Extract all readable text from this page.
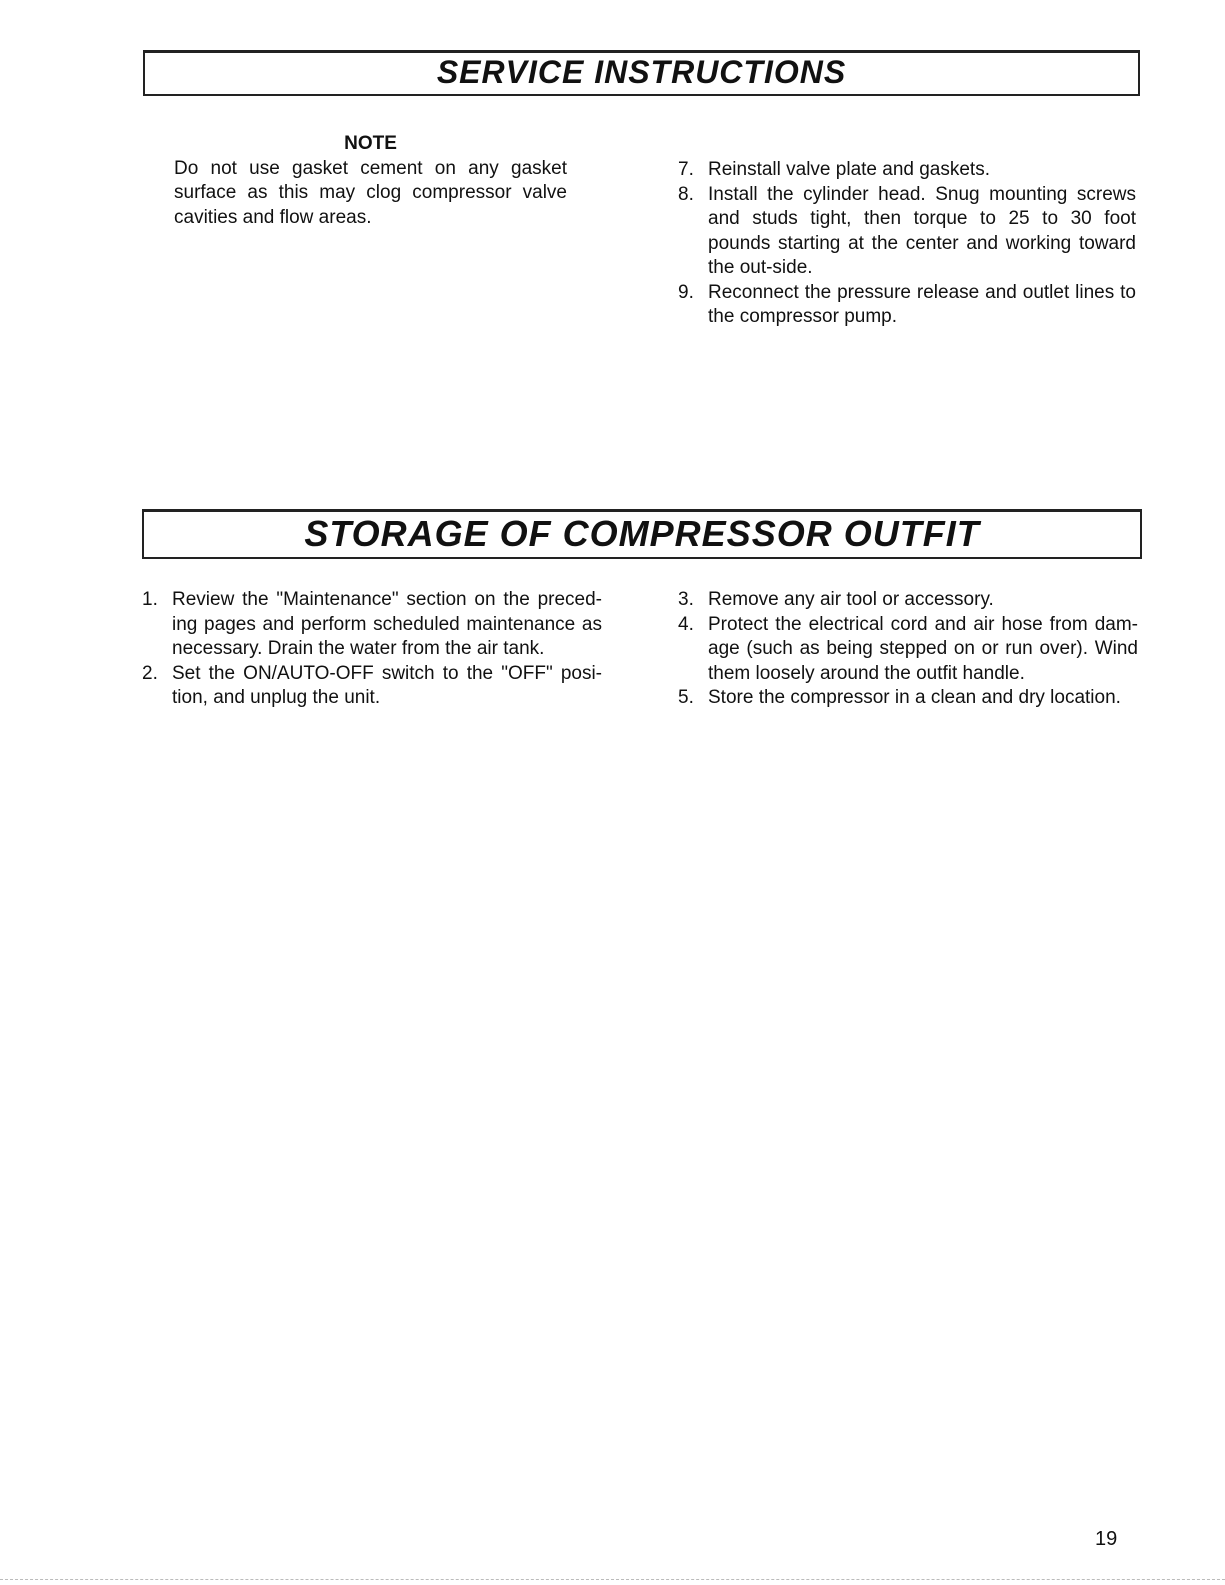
SERVICE INSTRUCTIONS
NOTE
Do not use gasket cement on any gasket surface as this may clog compressor valve cavities and flow areas.
7. Reinstall valve plate and gaskets.
8. Install the cylinder head. Snug mounting screws and studs tight, then torque to 25 to 30 foot pounds starting at the center and working toward the out-side.
9. Reconnect the pressure release and outlet lines to the compressor pump.
STORAGE OF COMPRESSOR OUTFIT
1. Review the "Maintenance" section on the preced-ing pages and perform scheduled maintenance as necessary. Drain the water from the air tank.
2. Set the ON/AUTO-OFF switch to the "OFF" posi-tion, and unplug the unit.
3. Remove any air tool or accessory.
4. Protect the electrical cord and air hose from dam-age (such as being stepped on or run over). Wind them loosely around the outfit handle.
5. Store the compressor in a clean and dry location.
19
